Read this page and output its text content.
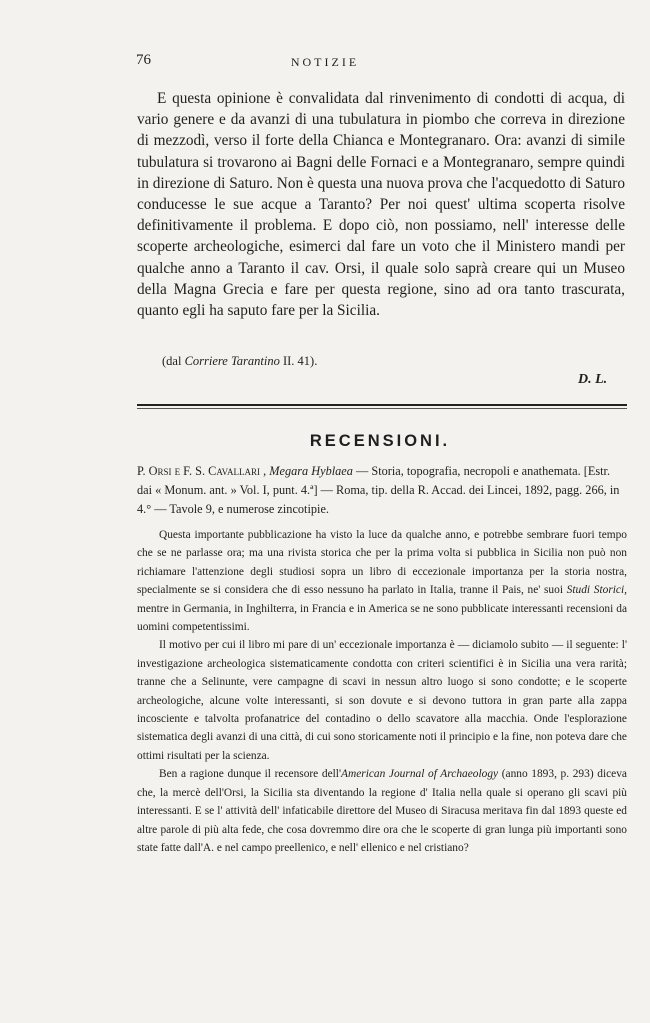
76	NOTIZIE

E questa opinione è convalidata dal rinvenimento di condotti di acqua, di vario genere e da avanzi di una tubulatura in piombo che correva in direzione di mezzodì, verso il forte della Chianca e Montegranaro. Ora: avanzi di simile tubulatura si trovarono ai Bagni delle Fornaci e a Montegranaro, sempre quindi in direzione di Saturo. Non è questa una nuova prova che l'acquedotto di Saturo conducesse le sue acque a Taranto? Per noi quest' ultima scoperta risolve definitivamente il problema. E dopo ciò, non possiamo, nell' interesse delle scoperte archeologiche, esimerci dal fare un voto che il Ministero mandi per qualche anno a Taranto il cav. Orsi, il quale solo saprà creare qui un Museo della Magna Grecia e fare per questa regione, sino ad ora tanto trascurata, quanto egli ha saputo fare per la Sicilia.

(dal Corriere Tarantino II. 41).
D. L.
RECENSIONI.

P. Orsi e F. S. Cavallari , Megara Hyblaea — Storia, topografia, necropoli e anathemata. [Estr. dai « Monum. ant. » Vol. I, punt. 4.ª] — Roma, tip. della R. Accad. dei Lincei, 1892, pagg. 266, in 4.° — Tavole 9, e numerose zincotipie.

Questa importante pubblicazione ha visto la luce da qualche anno, e potrebbe sembrare fuori tempo che se ne parlasse ora; ma una rivista storica che per la prima volta si pubblica in Sicilia non può non richiamare l'attenzione degli studiosi sopra un libro di eccezionale importanza per la storia nostra, specialmente se si considera che di esso nessuno ha parlato in Italia, tranne il Pais, ne' suoi Studi Storici, mentre in Germania, in Inghilterra, in Francia e in America se ne sono pubblicate interessanti recensioni da uomini competentissimi.

Il motivo per cui il libro mi pare di un' eccezionale importanza è — diciamolo subito — il seguente: l' investigazione archeologica sistematicamente condotta con criteri scientifici è in Sicilia una vera rarità; tranne che a Selinunte, vere campagne di scavi in nessun altro luogo si sono condotte; e le scoperte archeologiche, alcune volte interessanti, si son dovute e si devono tuttora in gran parte alla zappa incosciente e talvolta profanatrice del contadino o dello scavatore alla macchia. Onde l'esplorazione sistematica degli avanzi di una città, di cui sono storicamente noti il principio e la fine, non poteva dare che ottimi risultati per la scienza.

Ben a ragione dunque il recensore dell'American Journal of Archaeology (anno 1893, p. 293) diceva che, la mercè dell'Orsi, la Sicilia sta diventando la regione d' Italia nella quale si operano gli scavi più interessanti. E se l' attività dell' infaticabile direttore del Museo di Siracusa meritava fin dal 1893 queste ed altre parole di più alta fede, che cosa dovremmo dire ora che le scoperte di gran lunga più importanti sono state fatte dall'A. e nel campo preellenico, e nell' ellenico e nel cristiano?
